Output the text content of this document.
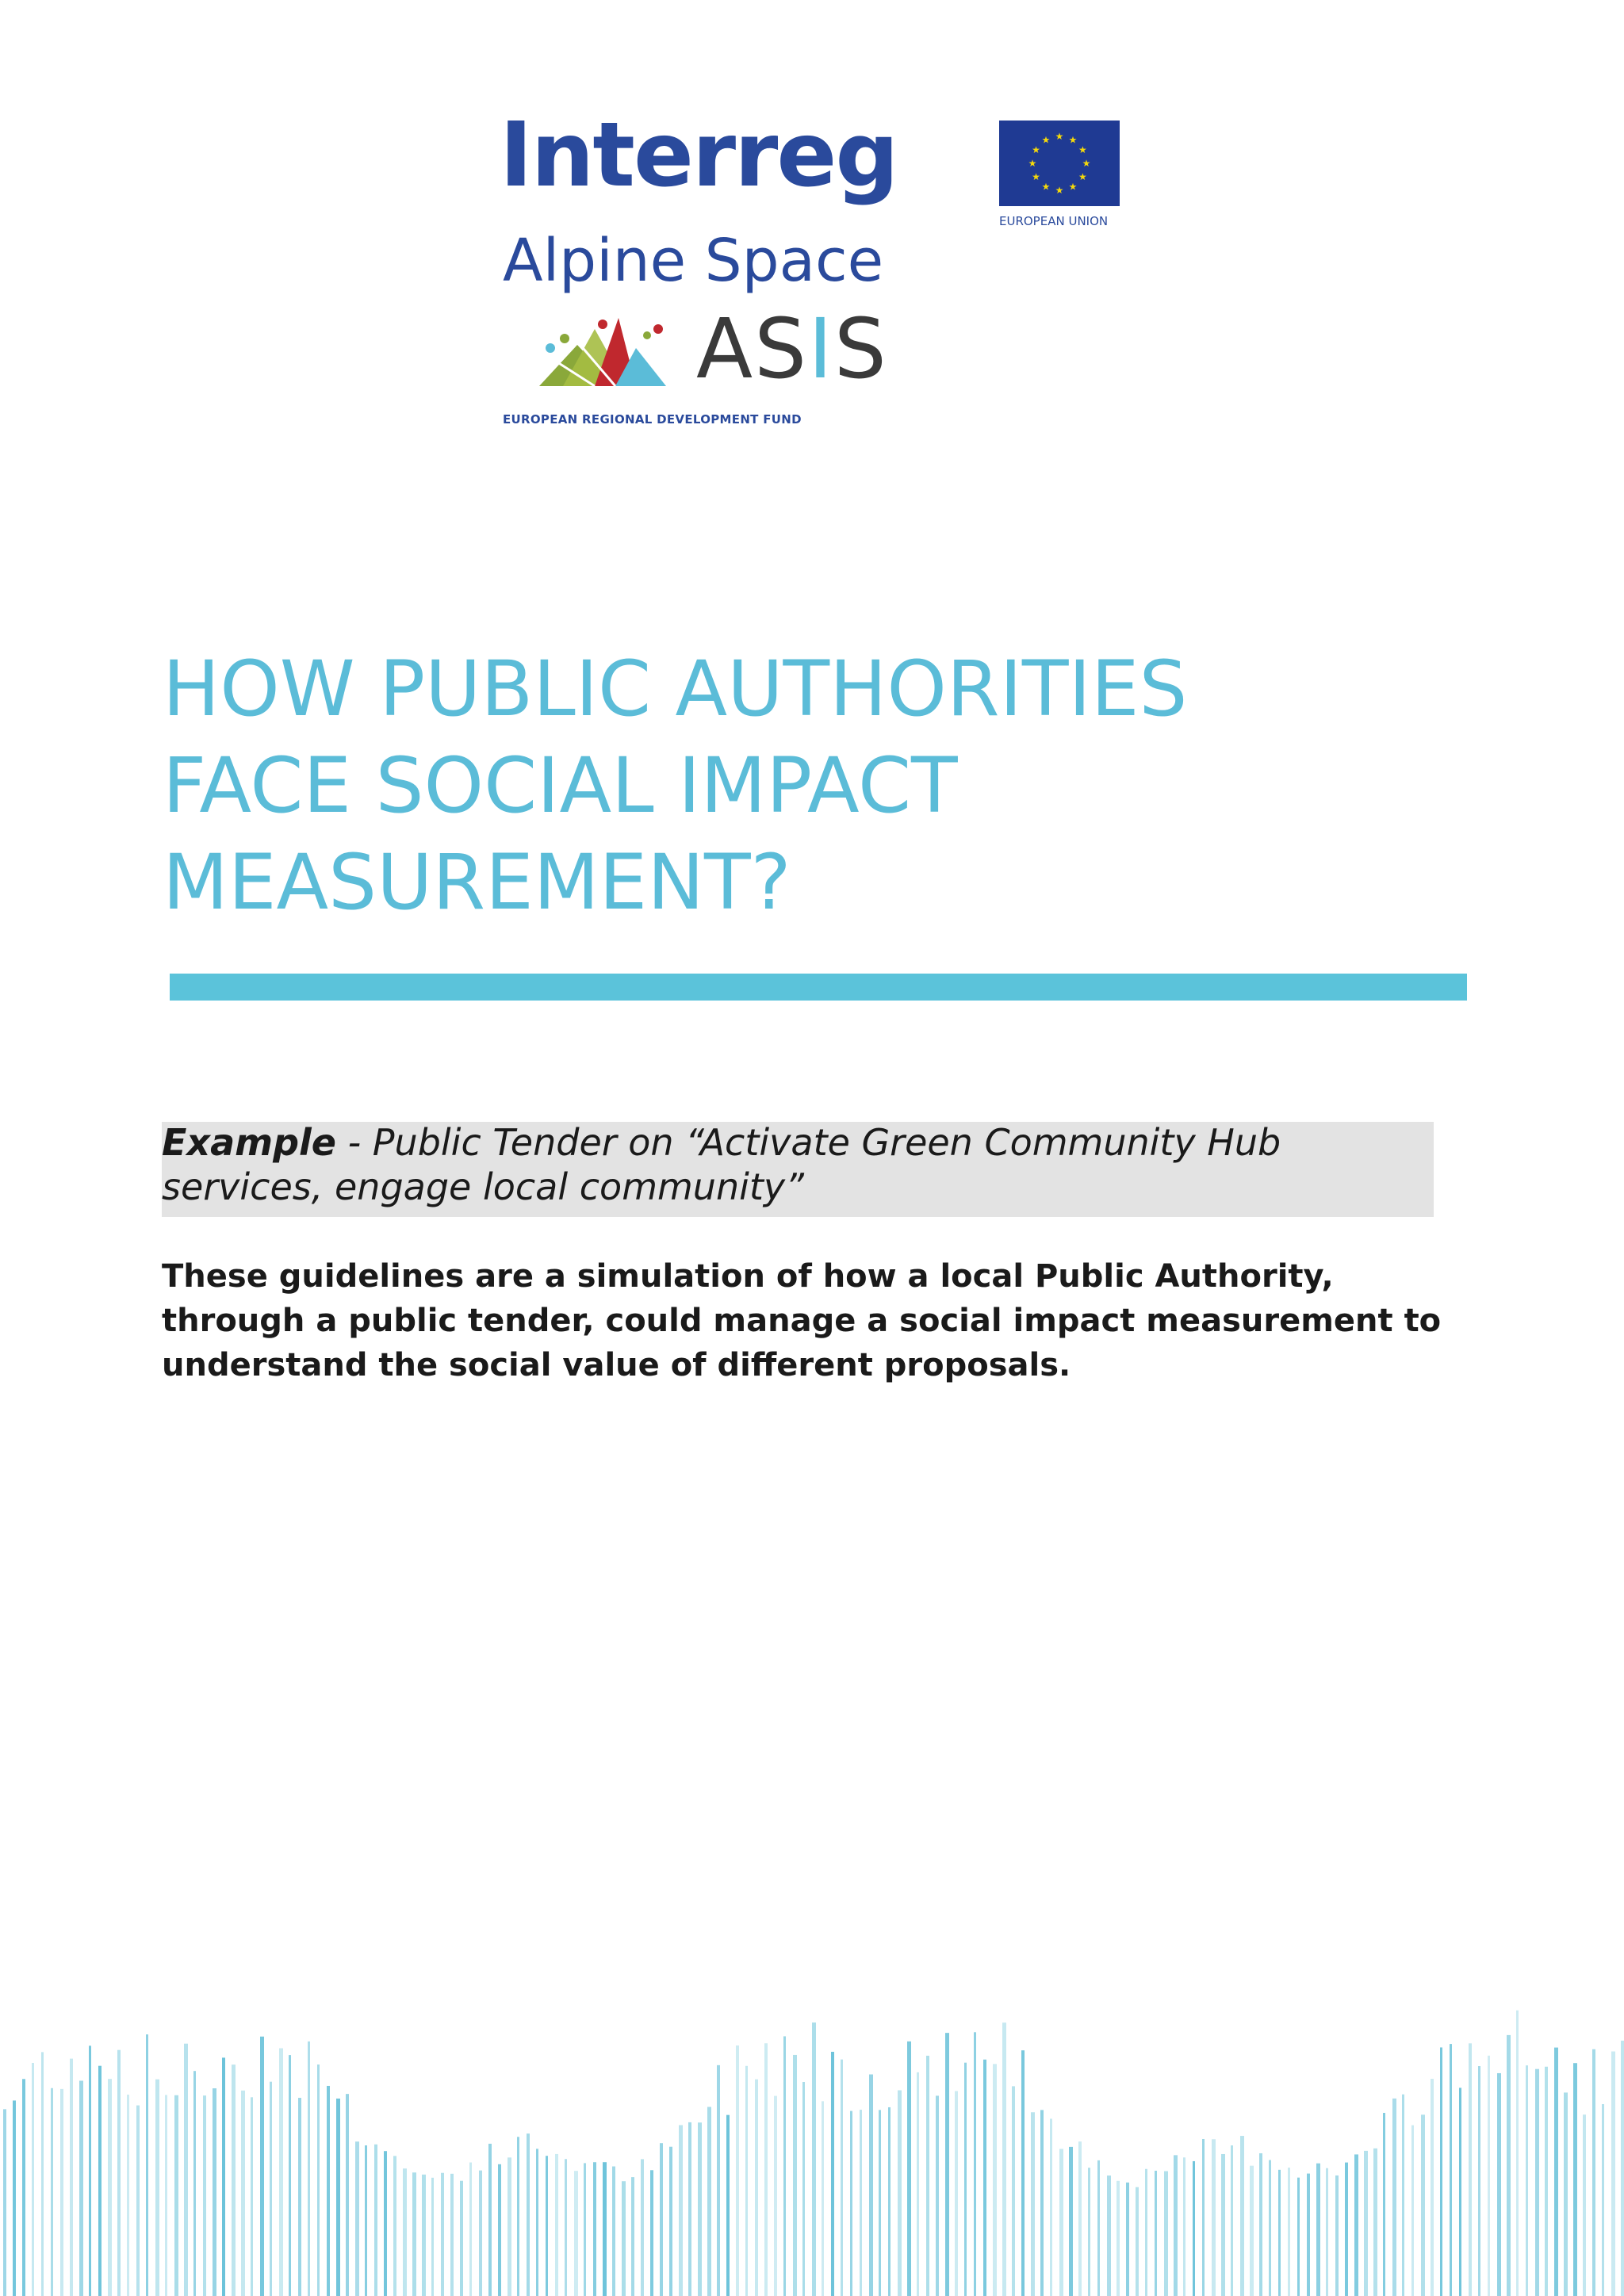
Interreg
Alpine Space
★
★
★
★
★
★
★
★
★ ★ ★
★
EUROPEAN UNION
ASIS
EUROPEAN REGIONAL DEVELOPMENT FUND
HOW PUBLIC AUTHORITIES
FACE SOCIAL IMPACT
MEASUREMENT?
Example - Public Tender on “Activate Green Community Hub
services, engage local community”

These guidelines are a simulation of how a local Public Authority, through a public tender, could manage a social impact measurement to understand the social value of different proposals.
